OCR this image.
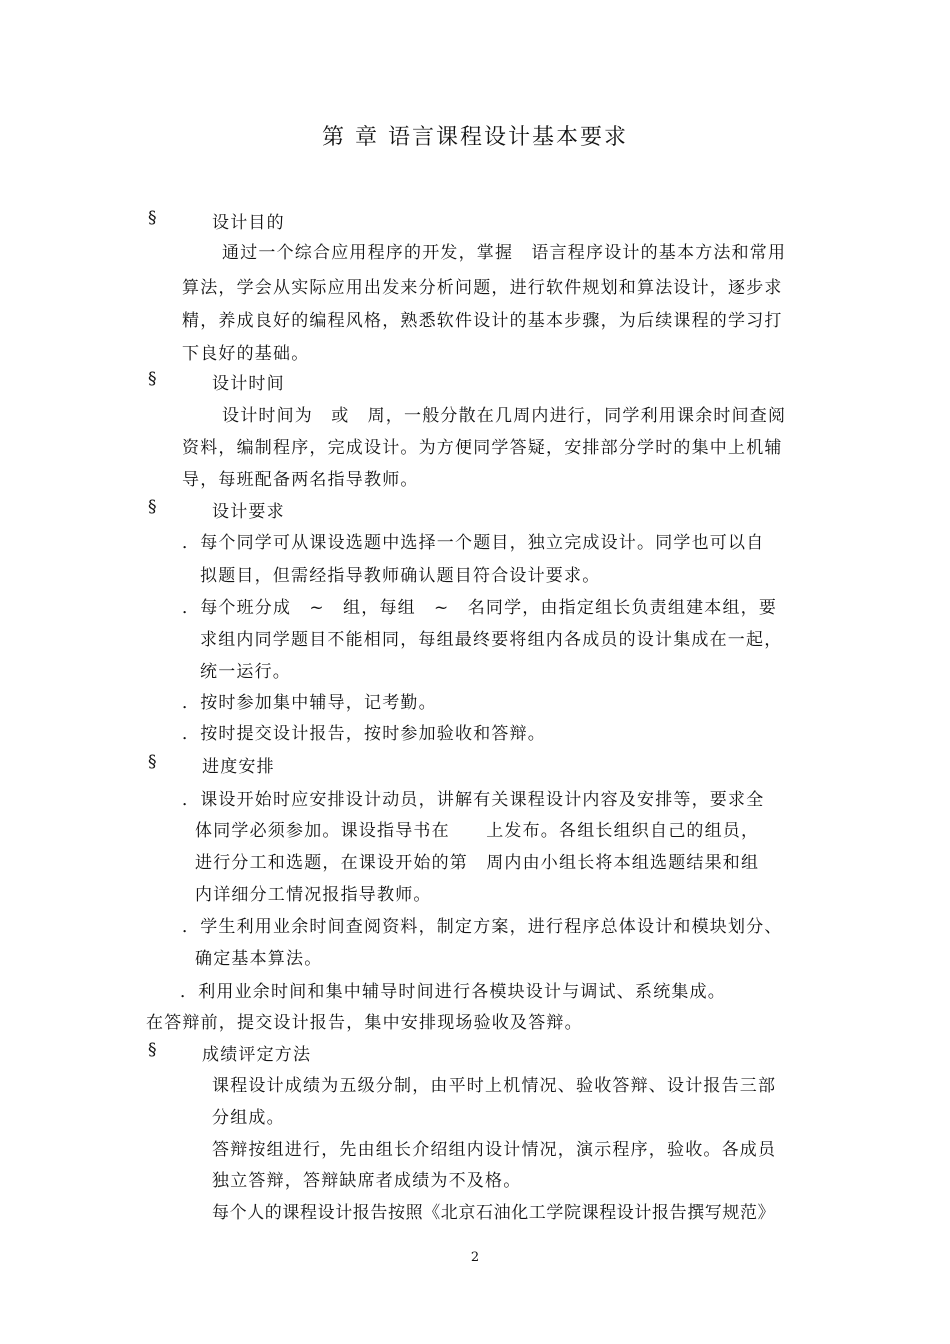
第 章 语言课程设计基本要求
§	设计目的
通过一个综合应用程序的开发，掌握　语言程序设计的基本方法和常用
算法，学会从实际应用出发来分析问题，进行软件规划和算法设计，逐步求
精，养成良好的编程风格，熟悉软件设计的基本步骤，为后续课程的学习打
下良好的基础。
§	设计时间
设计时间为　或　周，一般分散在几周内进行，同学利用课余时间查阅
资料，编制程序，完成设计。为方便同学答疑，安排部分学时的集中上机辅
导，每班配备两名指导教师。
§	设计要求
．每个同学可从课设选题中选择一个题目，独立完成设计。同学也可以自
拟题目，但需经指导教师确认题目符合设计要求。
．每个班分成　~　组，每组　~　名同学，由指定组长负责组建本组，要
求组内同学题目不能相同，每组最终要将组内各成员的设计集成在一起，
统一运行。
．按时参加集中辅导，记考勤。
．按时提交设计报告，按时参加验收和答辩。
§	进度安排
．课设开始时应安排设计动员，讲解有关课程设计内容及安排等，要求全
体同学必须参加。课设指导书在　　上发布。各组长组织自己的组员，
进行分工和选题，在课设开始的第　周内由小组长将本组选题结果和组
内详细分工情况报指导教师。
．学生利用业余时间查阅资料，制定方案，进行程序总体设计和模块划分、
确定基本算法。
．利用业余时间和集中辅导时间进行各模块设计与调试、系统集成。
在答辩前，提交设计报告，集中安排现场验收及答辩。
§	成绩评定方法
课程设计成绩为五级分制，由平时上机情况、验收答辩、设计报告三部
分组成。
答辩按组进行，先由组长介绍组内设计情况，演示程序，验收。各成员
独立答辩，答辩缺席者成绩为不及格。
每个人的课程设计报告按照《北京石油化工学院课程设计报告撰写规范》
2
